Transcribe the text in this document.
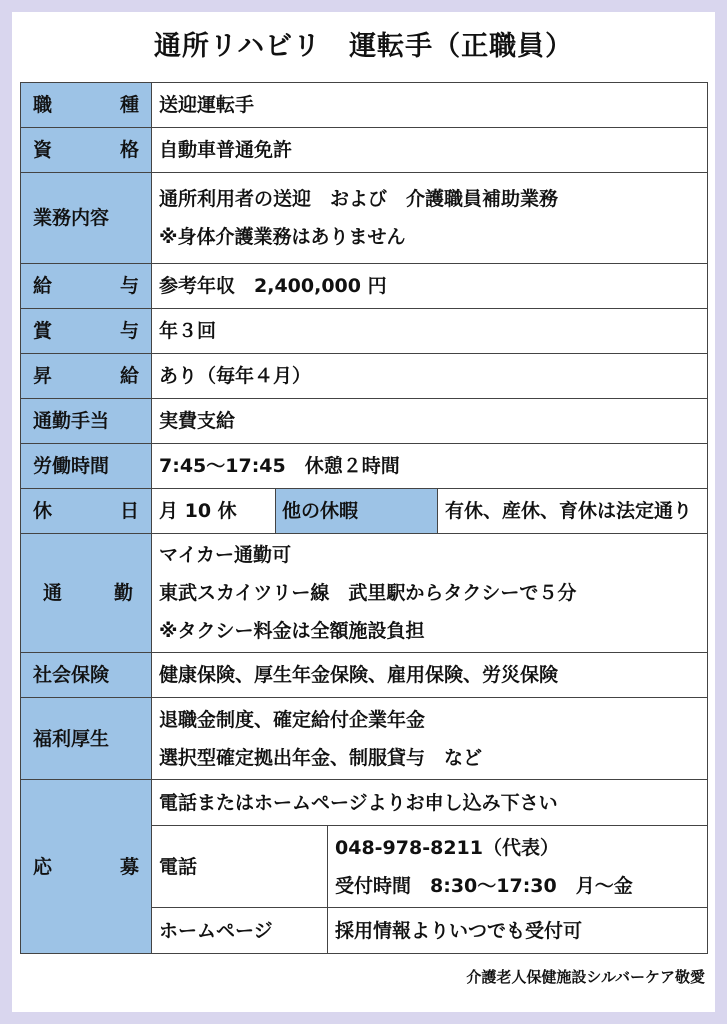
通所リハビリ　運転手（正職員）
職 種	送迎運転手			

資 格	自動車普通免許			
業務内容	通所利用者の送迎　および　介護職員補助業務
※身体介護業務はありません			

給 与	参考年収　2,400,000 円			

賞 与	年３回			

昇 給	あり（毎年４月）			
通勤手当	実費支給			
労働時間	7:45～17:45　休憩２時間			

休 日	月 10 休	他の休暇		有休、産休、育休は法定通り

通 勤	マイカー通勤可
東武スカイツリー線　武里駅からタクシーで５分
※タクシー料金は全額施設負担			

社会保険	健康保険、厚生年金保険、雇用保険、労災保険			
福利厚生	退職金制度、確定給付企業年金
選択型確定拠出年金、制服貸与　など			

応 募	電話またはホームページよりお申し込み下さい			
	電話		048-978-8211（代表）
受付時間　8:30～17:30　月～金	

	ホームページ		採用情報よりいつでも受付可	
介護老人保健施設シルバーケア敬愛
